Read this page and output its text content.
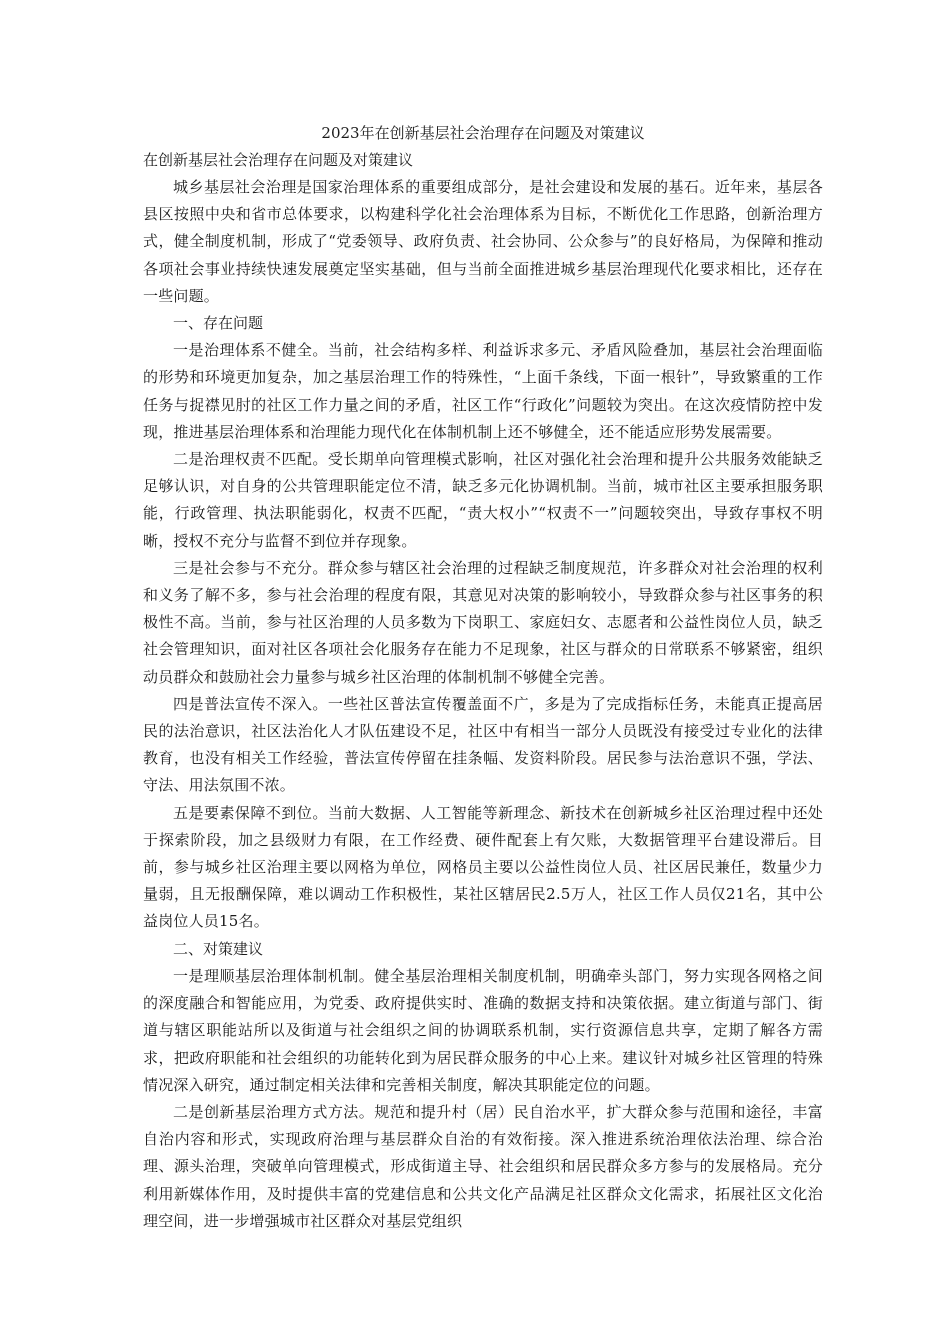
2023年在创新基层社会治理存在问题及对策建议

在创新基层社会治理存在问题及对策建议

城乡基层社会治理是国家治理体系的重要组成部分，是社会建设和发展的基石。近年来，基层各县区按照中央和省市总体要求，以构建科学化社会治理体系为目标，不断优化工作思路，创新治理方式，健全制度机制，形成了“党委领导、政府负责、社会协同、公众参与”的良好格局，为保障和推动各项社会事业持续快速发展奠定坚实基础，但与当前全面推进城乡基层治理现代化要求相比，还存在一些问题。

一、存在问题

一是治理体系不健全。当前，社会结构多样、利益诉求多元、矛盾风险叠加，基层社会治理面临的形势和环境更加复杂，加之基层治理工作的特殊性，“上面千条线，下面一根针”，导致繁重的工作任务与捉襟见肘的社区工作力量之间的矛盾，社区工作“行政化”问题较为突出。在这次疫情防控中发现，推进基层治理体系和治理能力现代化在体制机制上还不够健全，还不能适应形势发展需要。

二是治理权责不匹配。受长期单向管理模式影响，社区对强化社会治理和提升公共服务效能缺乏足够认识，对自身的公共管理职能定位不清，缺乏多元化协调机制。当前，城市社区主要承担服务职能，行政管理、执法职能弱化，权责不匹配，“责大权小”“权责不一”问题较突出，导致存事权不明晰，授权不充分与监督不到位并存现象。

三是社会参与不充分。群众参与辖区社会治理的过程缺乏制度规范，许多群众对社会治理的权利和义务了解不多，参与社会治理的程度有限，其意见对决策的影响较小，导致群众参与社区事务的积极性不高。当前，参与社区治理的人员多数为下岗职工、家庭妇女、志愿者和公益性岗位人员，缺乏社会管理知识，面对社区各项社会化服务存在能力不足现象，社区与群众的日常联系不够紧密，组织动员群众和鼓励社会力量参与城乡社区治理的体制机制不够健全完善。

四是普法宣传不深入。一些社区普法宣传覆盖面不广，多是为了完成指标任务，未能真正提高居民的法治意识，社区法治化人才队伍建设不足，社区中有相当一部分人员既没有接受过专业化的法律教育，也没有相关工作经验，普法宣传停留在挂条幅、发资料阶段。居民参与法治意识不强，学法、守法、用法氛围不浓。

五是要素保障不到位。当前大数据、人工智能等新理念、新技术在创新城乡社区治理过程中还处于探索阶段，加之县级财力有限，在工作经费、硬件配套上有欠账，大数据管理平台建设滞后。目前，参与城乡社区治理主要以网格为单位，网格员主要以公益性岗位人员、社区居民兼任，数量少力量弱，且无报酬保障，难以调动工作积极性，某社区辖居民2.5万人，社区工作人员仅21名，其中公益岗位人员15名。

二、对策建议

一是理顺基层治理体制机制。健全基层治理相关制度机制，明确牵头部门，努力实现各网格之间的深度融合和智能应用，为党委、政府提供实时、准确的数据支持和决策依据。建立街道与部门、街道与辖区职能站所以及街道与社会组织之间的协调联系机制，实行资源信息共享，定期了解各方需求，把政府职能和社会组织的功能转化到为居民群众服务的中心上来。建议针对城乡社区管理的特殊情况深入研究，通过制定相关法律和完善相关制度，解决其职能定位的问题。

二是创新基层治理方式方法。规范和提升村（居）民自治水平，扩大群众参与范围和途径，丰富自治内容和形式，实现政府治理与基层群众自治的有效衔接。深入推进系统治理依法治理、综合治理、源头治理，突破单向管理模式，形成街道主导、社会组织和居民群众多方参与的发展格局。充分利用新媒体作用，及时提供丰富的党建信息和公共文化产品满足社区群众文化需求，拓展社区文化治理空间，进一步增强城市社区群众对基层党组织
